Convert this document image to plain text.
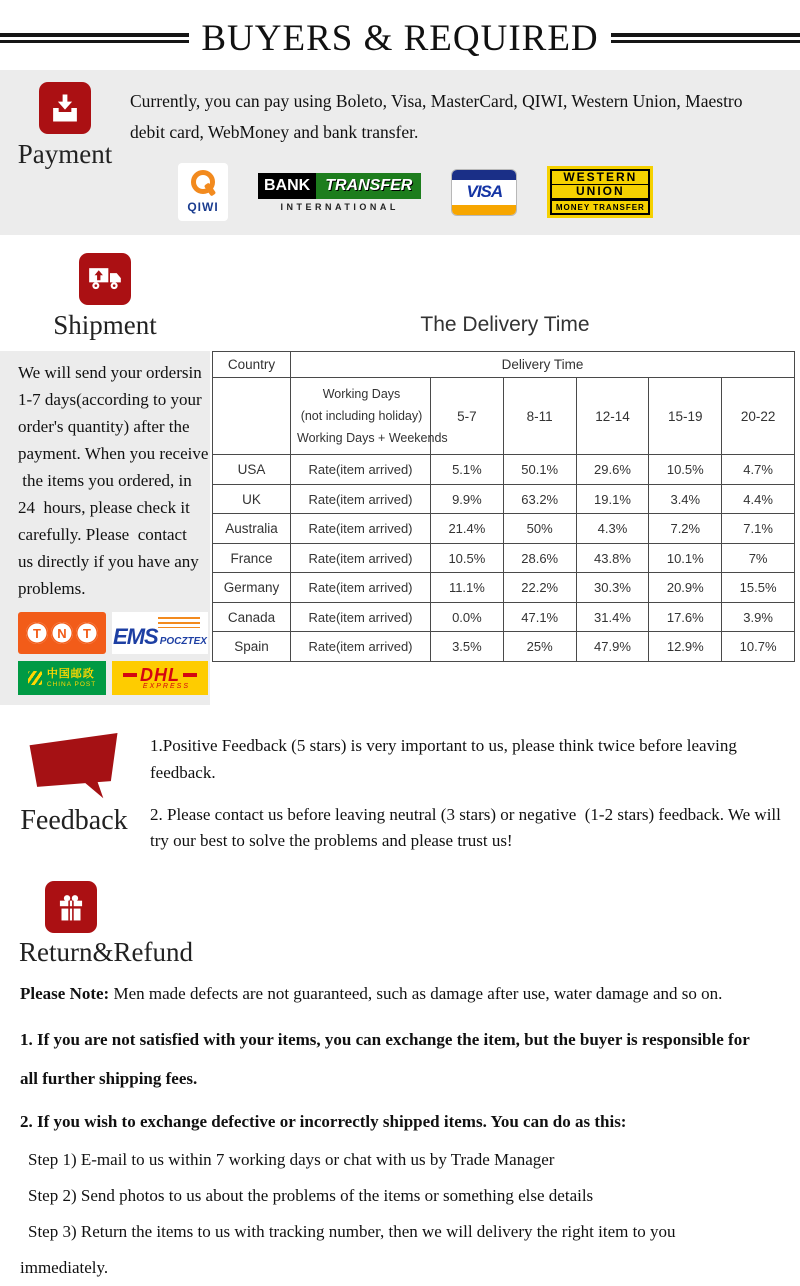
BUYERS & REQUIRED
Payment
Currently, you can pay using Boleto, Visa, MasterCard, QIWI, Western Union, Maestro  debit card, WebMoney and bank transfer.
QIWI
BANK TRANSFER
INTERNATIONAL
VISA
WESTERN
UNION
MONEY TRANSFER
Shipment	The Delivery Time
We will send your ordersin
1-7 days(according to your
order's quantity) after the
payment. When you receive
the items you ordered, in
24  hours, please check it
carefully. Please  contact
us directly if you have any
problems.
T	N	T	EMS POCZTEX
中国邮政
CHINA POST DHL
EXPRESS
Country	Delivery Time					

	Working Days
(not including holiday)
Working Days + Weekends	5-7	8-11	12-14	15-19	20-22
USA	Rate(item arrived)	5.1%	50.1%	29.6%	10.5%	4.7%
UK	Rate(item arrived)	9.9%	63.2%	19.1%	3.4%	4.4%
Australia	Rate(item arrived)	21.4%	50%	4.3%	7.2%	7.1%
France	Rate(item arrived)	10.5%	28.6%	43.8%	10.1%	7%
Germany	Rate(item arrived)	11.1%	22.2%	30.3%	20.9%	15.5%
Canada	Rate(item arrived)	0.0%	47.1%	31.4%	17.6%	3.9%
Spain	Rate(item arrived)	3.5%	25%	47.9%	12.9%	10.7%
Feedback
1.Positive Feedback (5 stars) is very important to us, please think twice before leaving feedback.
2. Please contact us before leaving neutral (3 stars) or negative  (1-2 stars) feedback. We will try our best to solve the problems and please trust us!
Return&Refund
Please Note: Men made defects are not guaranteed, such as damage after use, water damage and so on.
1. If you are not satisfied with your items, you can exchange the item, but the buyer is responsible for all further shipping fees.
2. If you wish to exchange defective or incorrectly shipped items. You can do as this:
Step 1) E-mail to us within 7 working days or chat with us by Trade Manager
Step 2) Send photos to us about the problems of the items or something else details
Step 3) Return the items to us with tracking number, then we will delivery the right item to you immediately.
